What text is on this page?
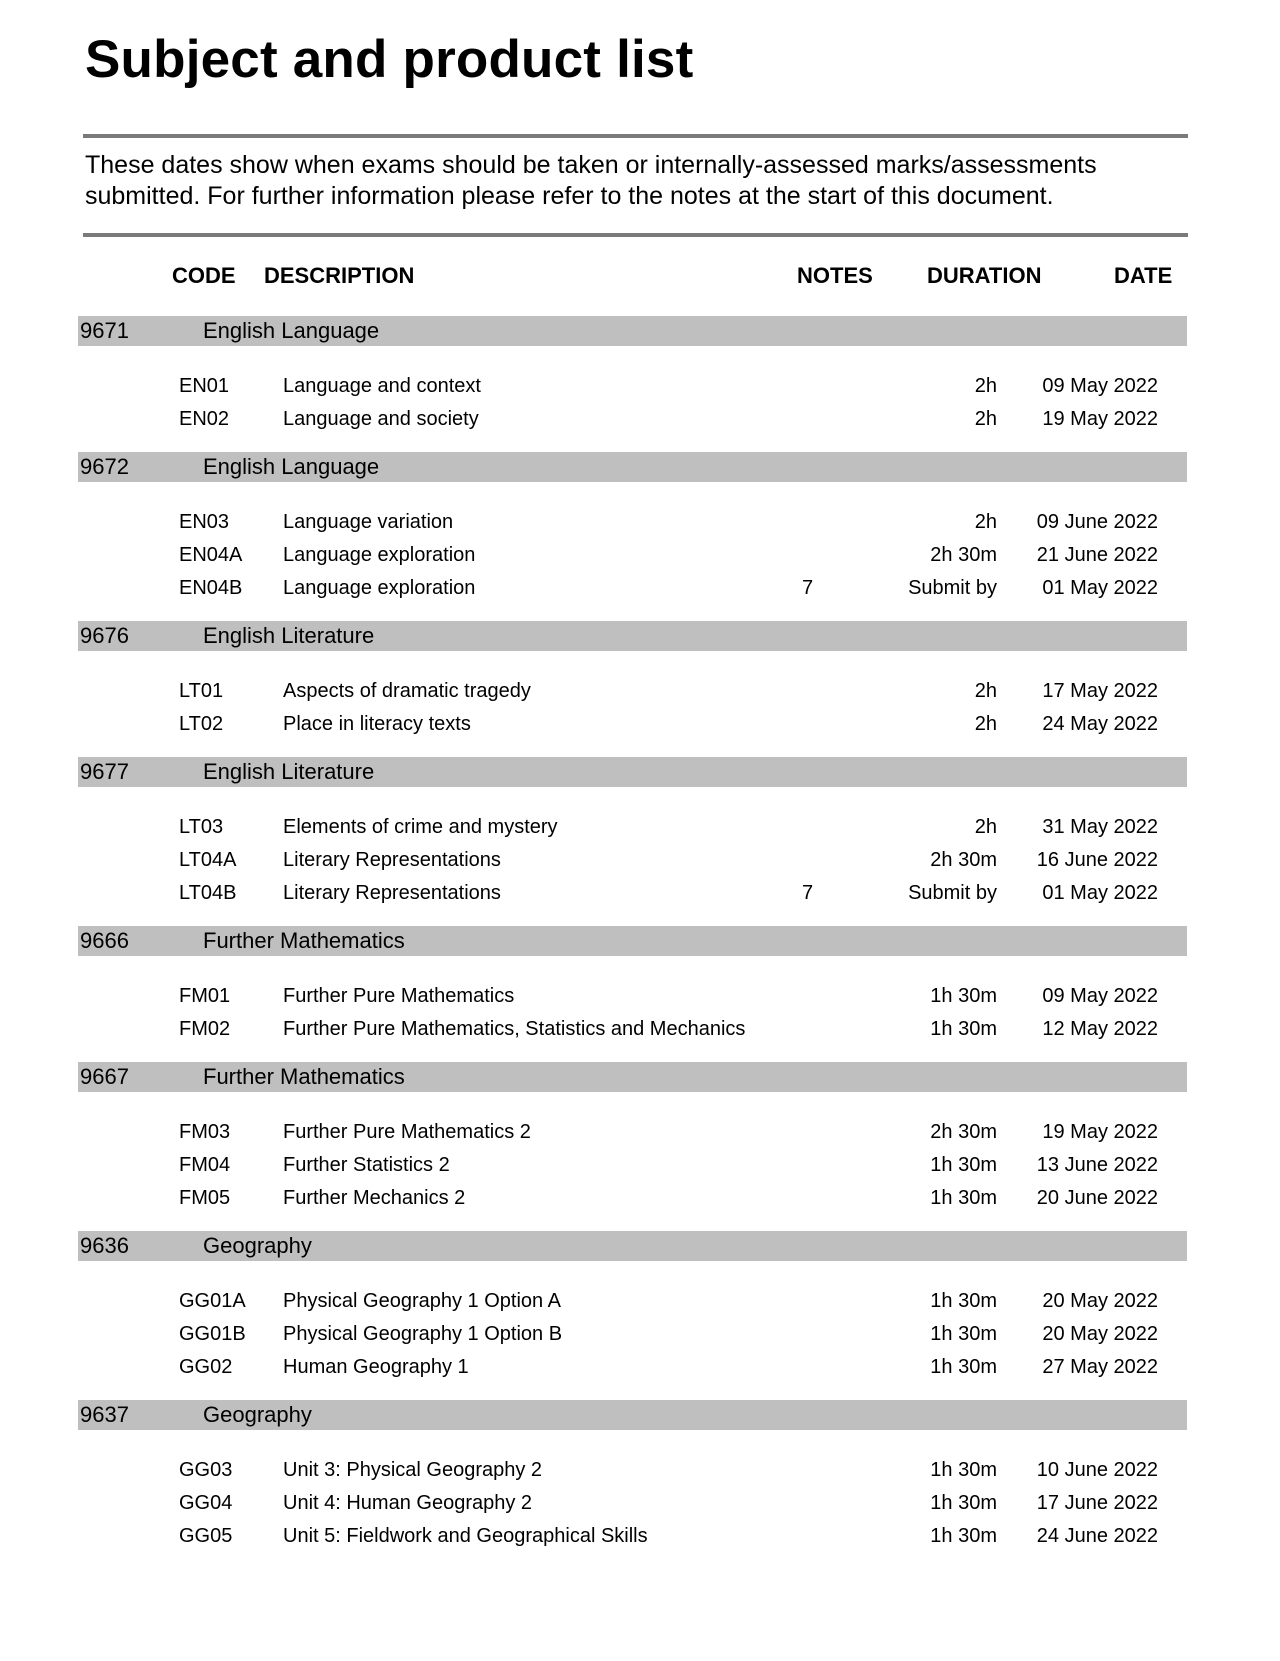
Subject and product list

These dates show when exams should be taken or internally-assessed marks/assessments submitted. For further information please refer to the notes at the start of this document.

CODE DESCRIPTION	NOTES DURATION	DATE
9671	English Language
EN01	Language and context	2h 09 May 2022
EN02	Language and society	2h 19 May 2022
9672	English Language
EN03	Language variation	2h 09 June 2022
EN04A Language exploration	2h 30m 21 June 2022
EN04B Language exploration	7	Submit by 01 May 2022
9676	English Literature
LT01	Aspects of dramatic tragedy	2h 17 May 2022
LT02	Place in literacy texts	2h 24 May 2022
9677	English Literature
LT03	Elements of crime and mystery	2h 31 May 2022
LT04A Literary Representations	2h 30m 16 June 2022
LT04B Literary Representations	7	Submit by 01 May 2022
9666	Further Mathematics
FM01	Further Pure Mathematics	1h 30m 09 May 2022
FM02	Further Pure Mathematics, Statistics and Mechanics	1h 30m 12 May 2022
9667	Further Mathematics
FM03	Further Pure Mathematics 2	2h 30m 19 May 2022
FM04	Further Statistics 2	1h 30m 13 June 2022
FM05	Further Mechanics 2	1h 30m 20 June 2022
9636	Geography
GG01A Physical Geography 1 Option A	1h 30m 20 May 2022
GG01B Physical Geography 1 Option B	1h 30m 20 May 2022
GG02	Human Geography 1	1h 30m 27 May 2022
9637	Geography
GG03	Unit 3: Physical Geography 2	1h 30m 10 June 2022
GG04	Unit 4: Human Geography 2	1h 30m 17 June 2022
GG05	Unit 5: Fieldwork and Geographical Skills	1h 30m 24 June 2022
